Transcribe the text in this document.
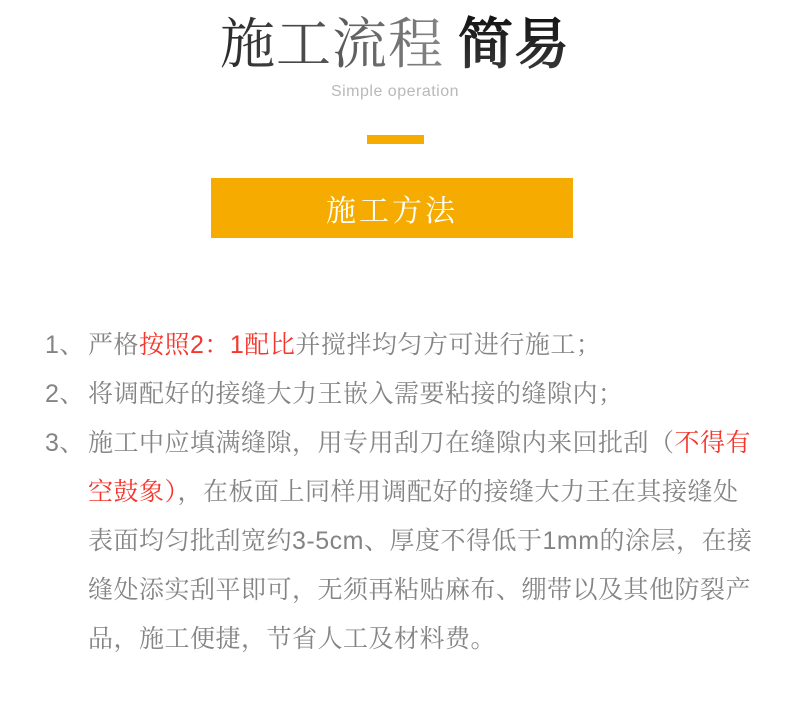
施工流程 简易
Simple operation
施工方法
1、 严格按照2：1配比并搅拌均匀方可进行施工；
2、 将调配好的接缝大力王嵌入需要粘接的缝隙内；
3、 施工中应填满缝隙，用专用刮刀在缝隙内来回批刮（不得有空鼓象），在板面上同样用调配好的接缝大力王在其接缝处表面均匀批刮宽约3-5cm、厚度不得低于1mm的涂层，在接缝处添实刮平即可，无须再粘贴麻布、绷带以及其他防裂产品，施工便捷，节省人工及材料费。
